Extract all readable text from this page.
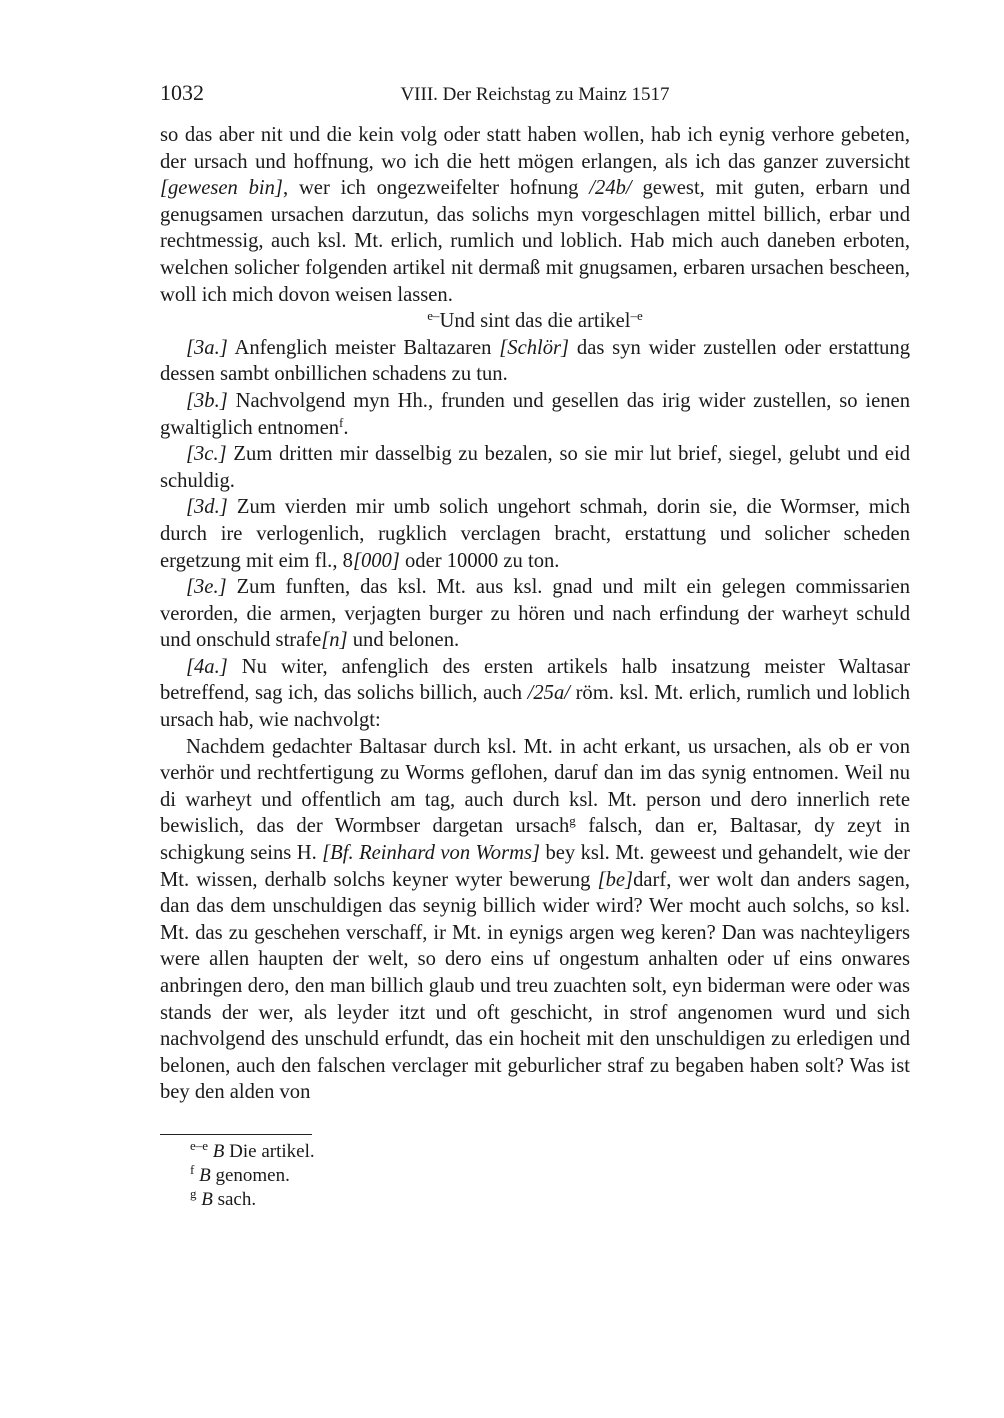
1032	VIII. Der Reichstag zu Mainz 1517

so das aber nit und die kein volg oder statt haben wollen, hab ich eynig verhore gebeten, der ursach und hoffnung, wo ich die hett mögen erlangen, als ich das ganzer zuversicht [gewesen bin], wer ich ongezweifelter hofnung /24b/ gewest, mit guten, erbarn und genugsamen ursachen darzutun, das solichs myn vorgeschlagen mittel billich, erbar und rechtmessig, auch ksl. Mt. erlich, rumlich und loblich. Hab mich auch daneben erboten, welchen solicher folgenden artikel nit dermaß mit gnugsamen, erbaren ursachen bescheen, woll ich mich dovon weisen lassen.

$^{e-}$Und sint das die artikel$^{-e}$

[3a.] Anfenglich meister Baltazaren [Schlör] das syn wider zustellen oder erstattung dessen sambt onbillichen schadens zu tun.

[3b.] Nachvolgend myn Hh., frunden und gesellen das irig wider zustellen, so ienen gwaltiglich entnomen$^f$.

[3c.] Zum dritten mir dasselbig zu bezalen, so sie mir lut brief, siegel, gelubt und eid schuldig.

[3d.] Zum vierden mir umb solich ungehort schmah, dorin sie, die Wormser, mich durch ire verlogenlich, rugklich verclagen bracht, erstattung und solicher scheden ergetzung mit eim fl., 8[000] oder 10000 zu ton.

[3e.] Zum funften, das ksl. Mt. aus ksl. gnad und milt ein gelegen commissarien verorden, die armen, verjagten burger zu hören und nach erfindung der warheyt schuld und onschuld strafe[n] und belonen.

[4a.] Nu witer, anfenglich des ersten artikels halb insatzung meister Waltasar betreffend, sag ich, das solichs billich, auch /25a/ röm. ksl. Mt. erlich, rumlich und loblich ursach hab, wie nachvolgt:

Nachdem gedachter Baltasar durch ksl. Mt. in acht erkant, us ursachen, als ob er von verhör und rechtfertigung zu Worms geflohen, daruf dan im das synig entnomen. Weil nu di warheyt und offentlich am tag, auch durch ksl. Mt. person und dero innerlich rete bewislich, das der Wormbser dargetan ursach$^g$ falsch, dan er, Baltasar, dy zeyt in schigkung seins H. [Bf. Reinhard von Worms] bey ksl. Mt. geweest und gehandelt, wie der Mt. wissen, derhalb solchs keyner wyter bewerung [be]darf, wer wolt dan anders sagen, dan das dem unschuldigen das seynig billich wider wird? Wer mocht auch solchs, so ksl. Mt. das zu geschehen verschaff, ir Mt. in eynigs argen weg keren? Dan was nachteyligers were allen haupten der welt, so dero eins uf ongestum anhalten oder uf eins onwares anbringen dero, den man billich glaub und treu zuachten solt, eyn biderman were oder was stands der wer, als leyder itzt und oft geschicht, in strof angenomen wurd und sich nachvolgend des unschuld erfundt, das ein hocheit mit den unschuldigen zu erledigen und belonen, auch den falschen verclager mit geburlicher straf zu begaben haben solt? Was ist bey den alden von

$^{e-e}$ B Die artikel.
$^f$ B genomen.
$^g$ B sach.
